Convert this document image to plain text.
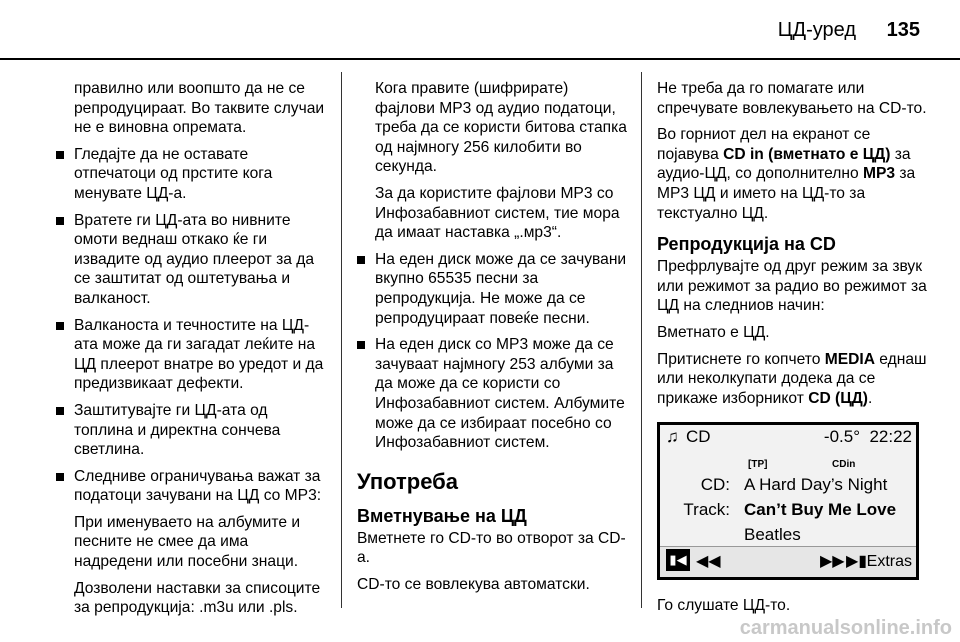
ЦД-уред 135

правилно или воопшто да не се репродуцираат. Во таквите случаи не е виновна опремата.

Гледајте да не оставате отпечатоци од прстите кога менувате ЦД-а.
Вратете ги ЦД-ата во нивните омоти веднаш откако ќе ги извадите од аудио плеерот за да се заштитат од оштетувања и валканост.
Валканоста и течностите на ЦД-ата може да ги загадат леќите на ЦД плеерот внатре во уредот и да предизвикаат дефекти.
Заштитувајте ги ЦД-ата од топлина и директна сончева светлина.
Следниве ограничувања важат за податоци зачувани на ЦД со MP3:

При именуваето на албумите и песните не смее да има надредени или посебни знаци.

Дозволени наставки за списоците за репродукција: .m3u или .pls.

Кога правите (шифрирате) фајлови MP3 од аудио податоци, треба да се користи битова стапка од најмногу 256 килобити во секунда.

За да користите фајлови MP3 со Инфозабавниот систем, тие мора да имаат наставка „.мр3“.

На еден диск може да се зачувани вкупно 65535 песни за репродукција. Не може да се репродуцираат повеќе песни.
На еден диск со MP3 може да се зачуваат најмногу 253 албуми за да може да се користи со Инфозабавниот систем. Албумите може да се избираат посебно со Инфозабавниот систем.
Употреба
Вметнување на ЦД

Вметнете го CD-то во отворот за CD-а.

CD-то се вовлекува автоматски.

Не треба да го помагате или спречувате вовлекувањето на CD-то.

Во горниот дел на екранот се појавува CD in (вметнато е ЦД) за аудио-ЦД, со дополнително MP3 за MP3 ЦД и името на ЦД-то за текстуално ЦД.

Репродукција на CD

Префрлувајте од друг режим за звук или режимот за радио во режимот за ЦД на следниов начин:

Вметнато е ЦД.

Притиснете го копчето MEDIA еднаш или неколкупати додека да се прикаже изборникот CD (ЦД).

♫ CD	-0.5° 22:22
[TP]	CDin
CD: A Hard Day’s Night
Track: Can’t Buy Me Love
Beatles
▮◀ ◀◀	▶▶ ▶▮ Extras

Го слушате ЦД-то.

carmanualsonline.info
